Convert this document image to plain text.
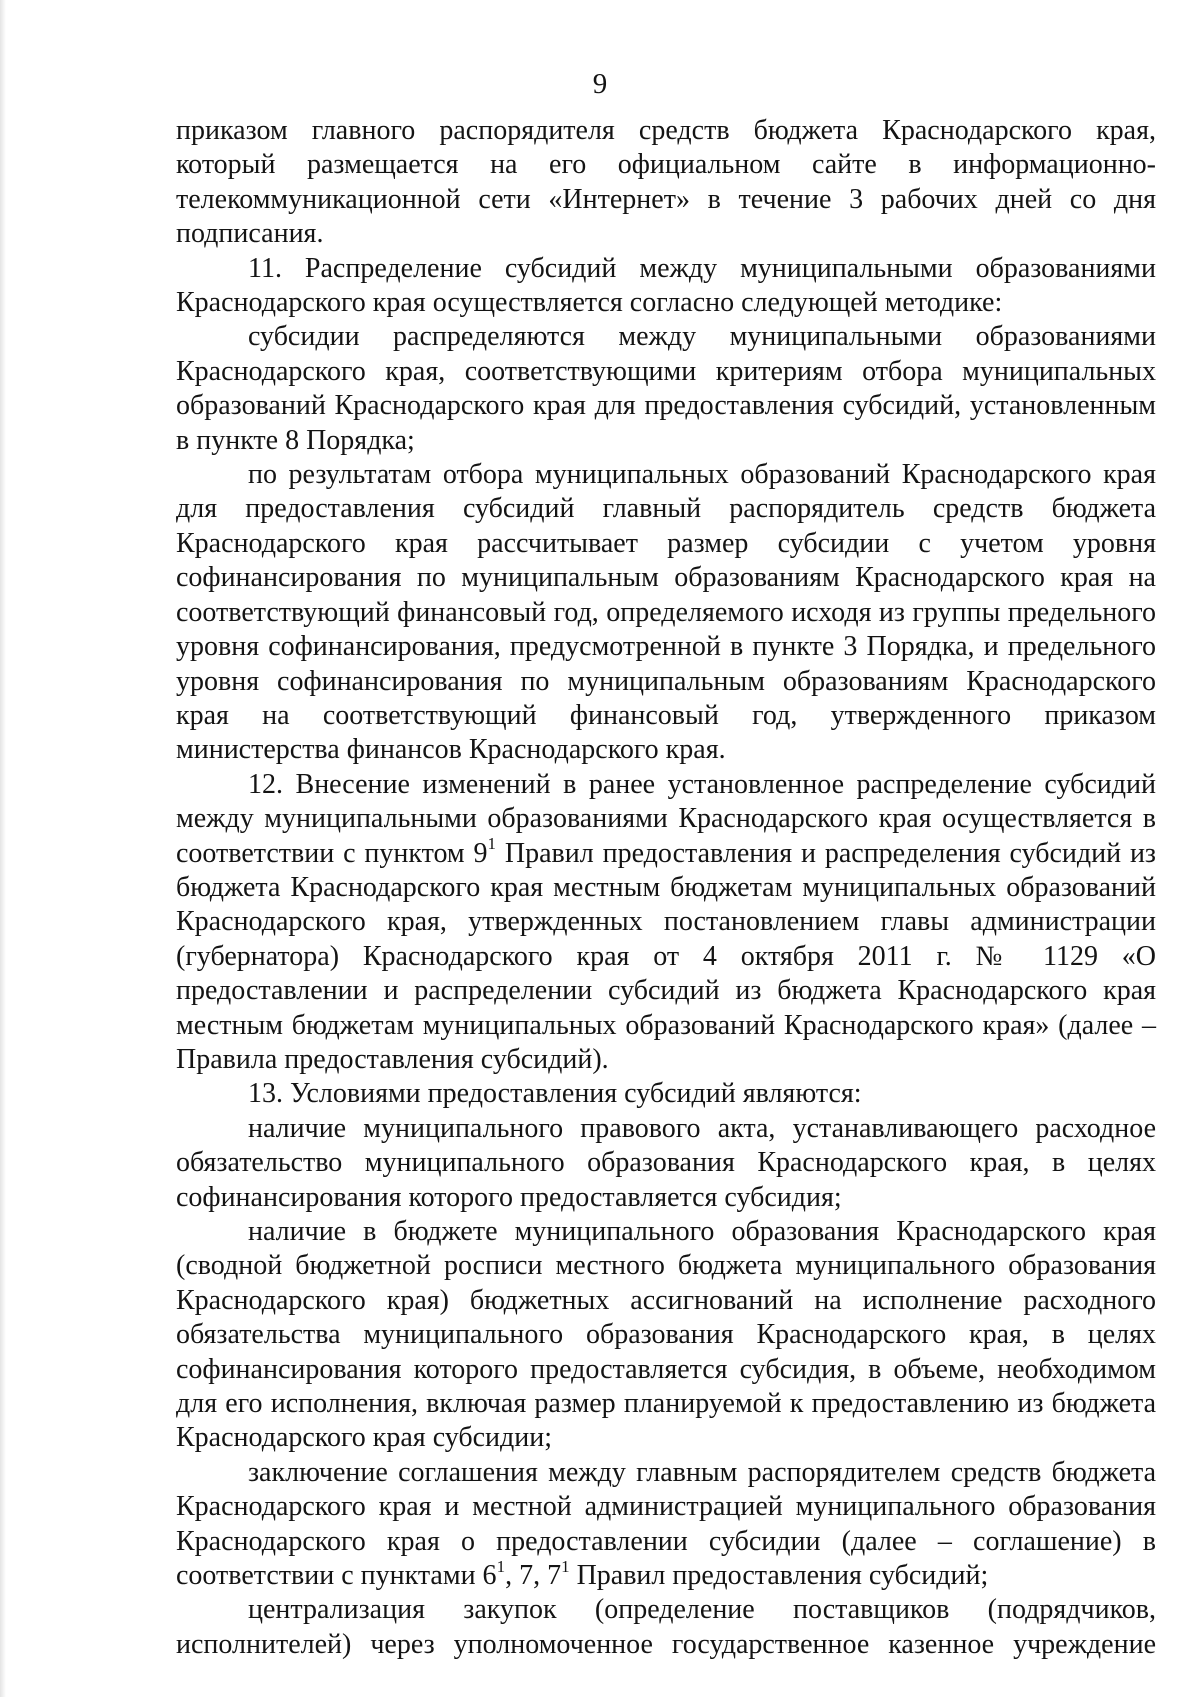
9

приказом главного распорядителя средств бюджета Краснодарского края, который размещается на его официальном сайте в информационно-телекоммуникационной сети «Интернет» в течение 3 рабочих дней со дня подписания.

11. Распределение субсидий между муниципальными образованиями Краснодарского края осуществляется согласно следующей методике:

субсидии распределяются между муниципальными образованиями Краснодарского края, соответствующими критериям отбора муниципальных образований Краснодарского края для предоставления субсидий, установленным в пункте 8 Порядка;

по результатам отбора муниципальных образований Краснодарского края для предоставления субсидий главный распорядитель средств бюджета Краснодарского края рассчитывает размер субсидии с учетом уровня софинансирования по муниципальным образованиям Краснодарского края на соответствующий финансовый год, определяемого исходя из группы предельного уровня софинансирования, предусмотренной в пункте 3 Порядка, и предельного уровня софинансирования по муниципальным образованиям Краснодарского края на соответствующий финансовый год, утвержденного приказом министерства финансов Краснодарского края.

12. Внесение изменений в ранее установленное распределение субсидий между муниципальными образованиями Краснодарского края осуществляется в соответствии с пунктом $9^1$ Правил предоставления и распределения субсидий из бюджета Краснодарского края местным бюджетам муниципальных образований Краснодарского края, утвержденных постановлением главы администрации (губернатора) Краснодарского края от 4 октября 2011 г. № 1129 «О предоставлении и распределении субсидий из бюджета Краснодарского края местным бюджетам муниципальных образований Краснодарского края» (далее – Правила предоставления субсидий).

13. Условиями предоставления субсидий являются:

наличие муниципального правового акта, устанавливающего расходное обязательство муниципального образования Краснодарского края, в целях софинансирования которого предоставляется субсидия;

наличие в бюджете муниципального образования Краснодарского края (сводной бюджетной росписи местного бюджета муниципального образования Краснодарского края) бюджетных ассигнований на исполнение расходного обязательства муниципального образования Краснодарского края, в целях софинансирования которого предоставляется субсидия, в объеме, необходимом для его исполнения, включая размер планируемой к предоставлению из бюджета Краснодарского края субсидии;

заключение соглашения между главным распорядителем средств бюджета Краснодарского края и местной администрацией муниципального образования Краснодарского края о предоставлении субсидии (далее – соглашение) в соответствии с пунктами $6^1$, 7, $7^1$ Правил предоставления субсидий;

централизация закупок (определение поставщиков (подрядчиков, исполнителей) через уполномоченное государственное казенное учреждение
